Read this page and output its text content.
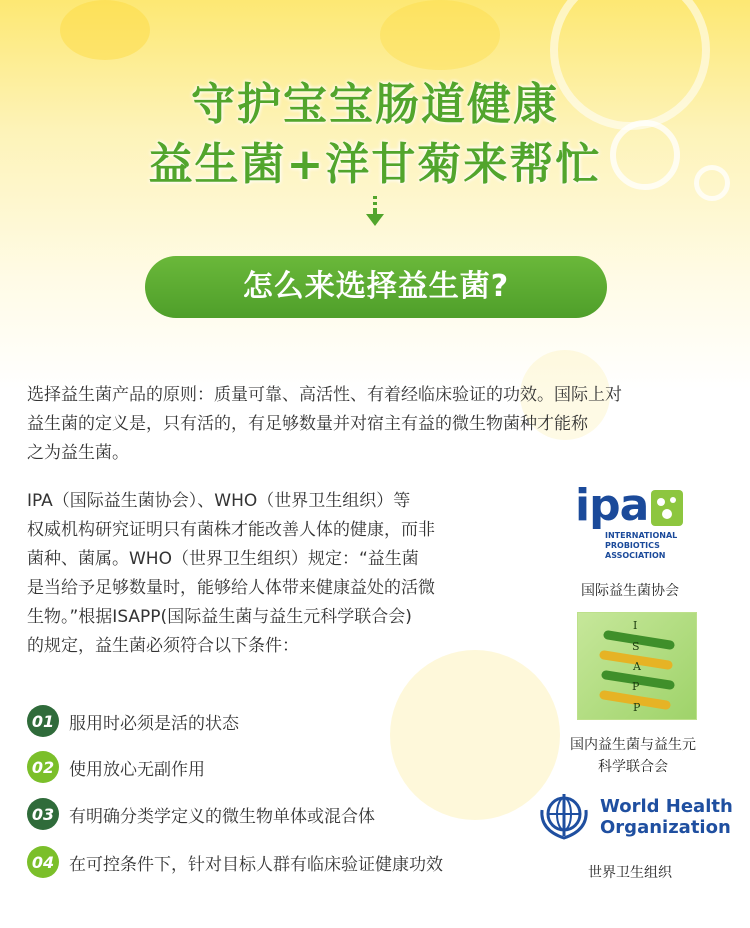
守护宝宝肠道健康
益生菌+洋甘菊来帮忙
怎么来选择益生菌?
选择益生菌产品的原则：质量可靠、高活性、有着经临床验证的功效。国际上对
益生菌的定义是，只有活的，有足够数量并对宿主有益的微生物菌种才能称
之为益生菌。
IPA（国际益生菌协会）、WHO（世界卫生组织）等
权威机构研究证明只有菌株才能改善人体的健康，而非
菌种、菌属。WHO（世界卫生组织）规定：“益生菌
是当给予足够数量时，能够给人体带来健康益处的活微
生物。”根据ISAPP(国际益生菌与益生元科学联合会)
的规定，益生菌必须符合以下条件：
01 服用时必须是活的状态
02 使用放心无副作用
03 有明确分类学定义的微生物单体或混合体
04 在可控条件下，针对目标人群有临床验证健康功效
ipa
INTERNATIONAL
PROBIOTICS
ASSOCIATION
国际益生菌协会
I
S
A
P
P
国内益生菌与益生元
科学联合会
World Health
Organization
世界卫生组织
